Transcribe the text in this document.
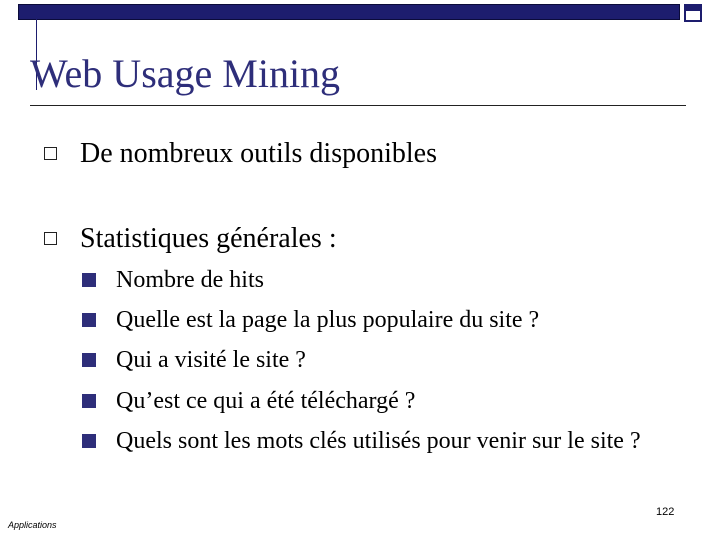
Web Usage Mining
De nombreux outils disponibles
Statistiques générales :
Nombre de hits
Quelle est la page la plus populaire du site ?
Qui a visité le site ?
Qu’est ce qui a été téléchargé ?
Quels sont les mots clés utilisés pour venir sur le site ?
122
Applications
